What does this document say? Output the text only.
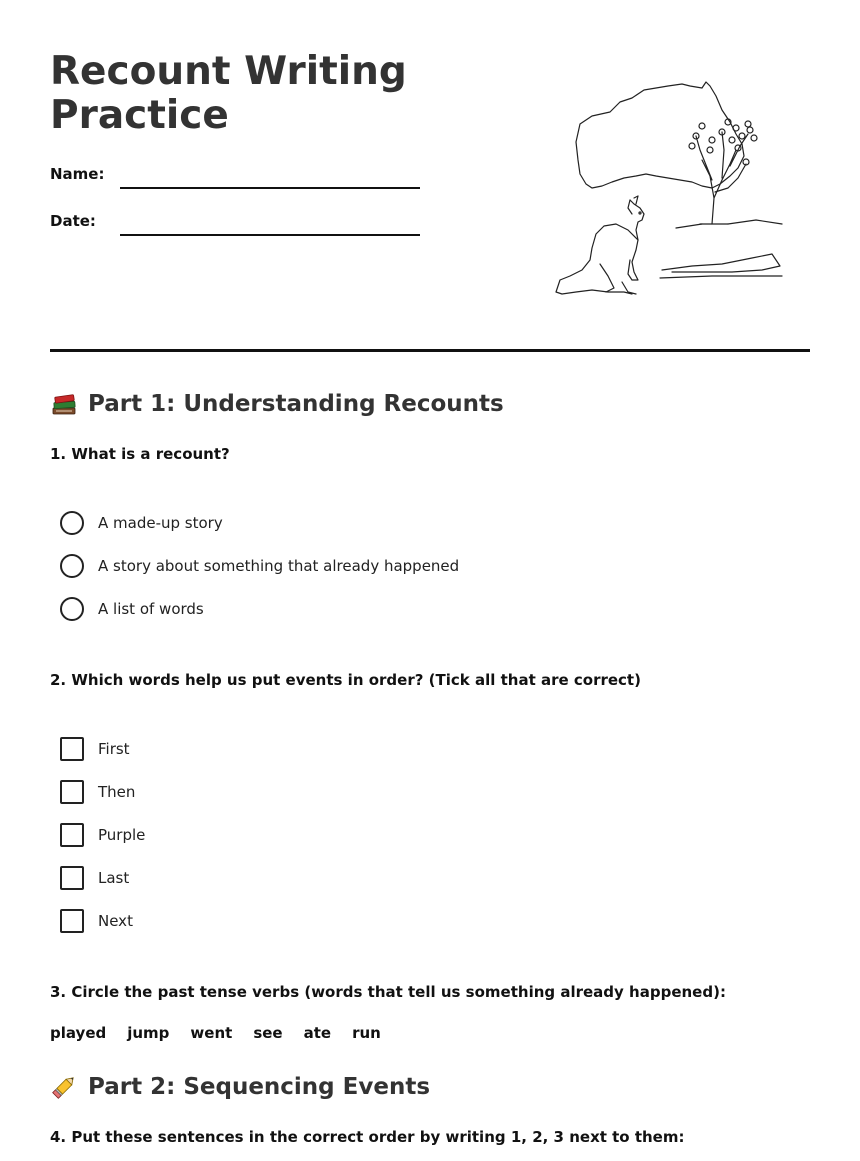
Recount Writing
Practice
Name:
Date:
Part 1: Understanding Recounts
1. What is a recount?
A made-up story
A story about something that already happened
A list of words
2. Which words help us put events in order? (Tick all that are correct)
First
Then
Purple
Last
Next
3. Circle the past tense verbs (words that tell us something already happened):
played jump went see ate run
Part 2: Sequencing Events
4. Put these sentences in the correct order by writing 1, 2, 3 next to them:
